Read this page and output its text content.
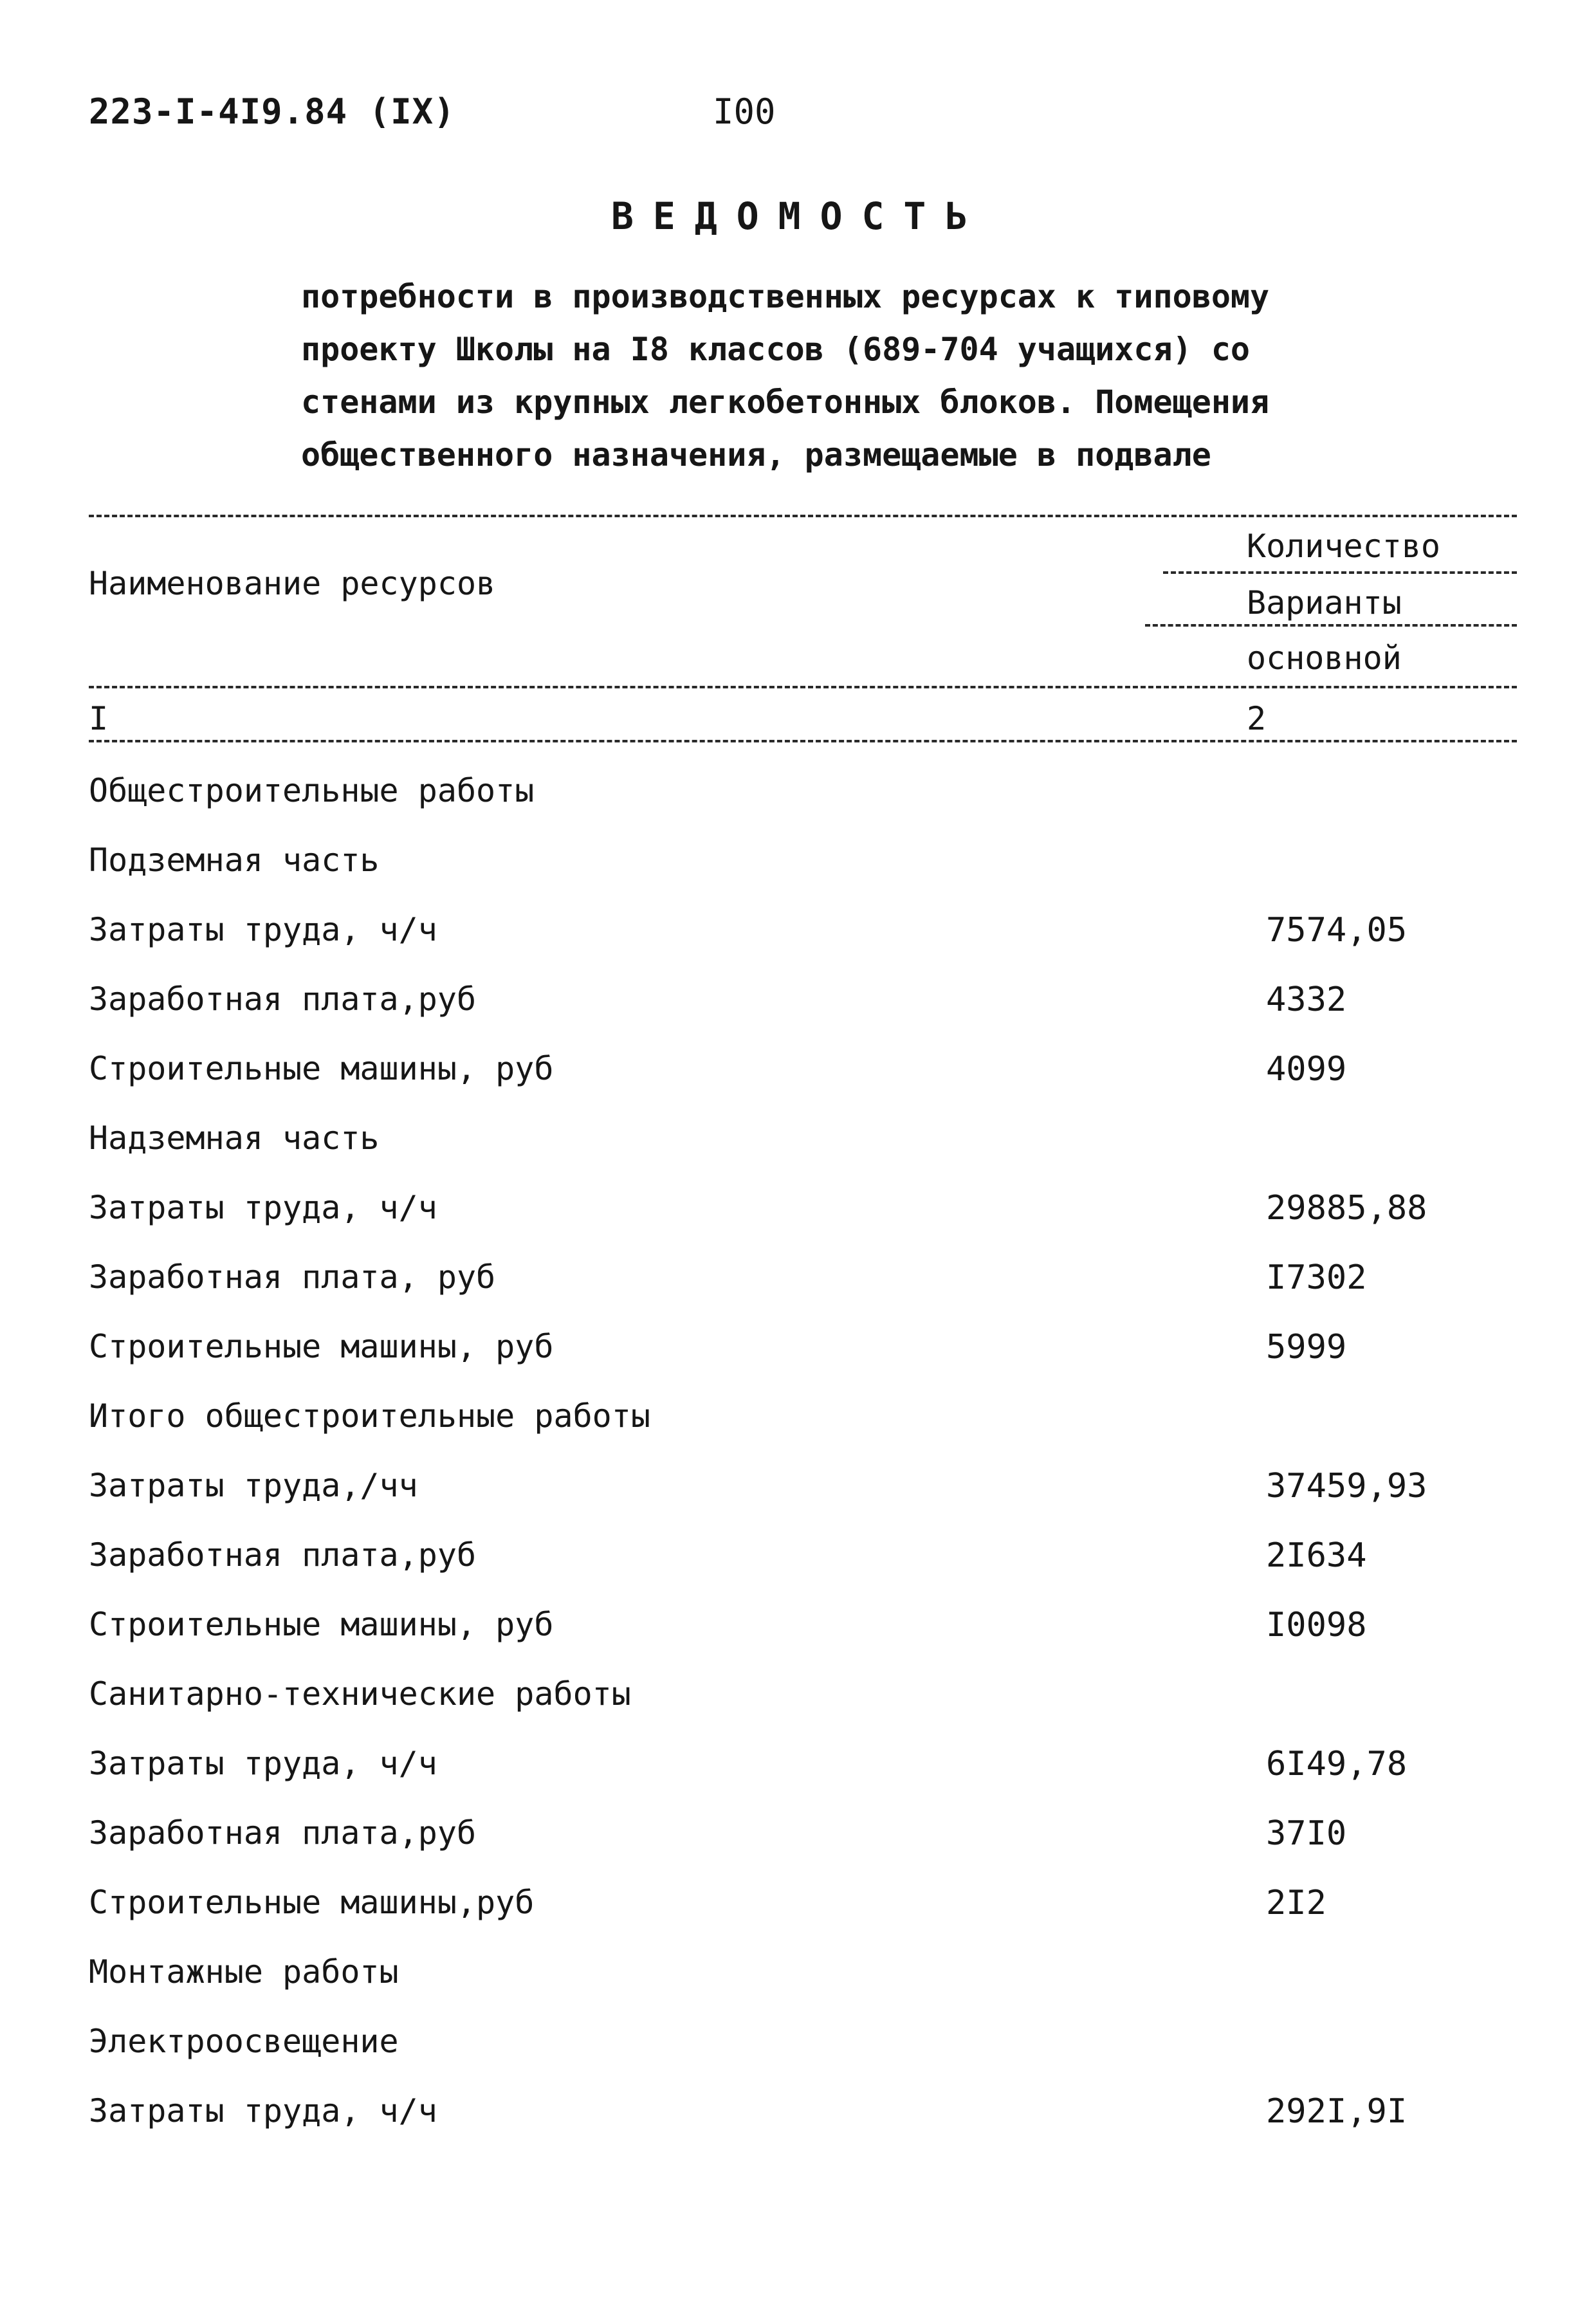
223-I-4I9.84 (IX)	I00
ВЕДОМОСТЬ
потребности в производственных ресурсах к типовому
проекту Школы на I8 классов (689-704 учащихся) со
стенами из крупных легкобетонных блоков. Помещения
общественного назначения, размещаемые в подвале
Наименование ресурсов
Количество
Варианты
основной
I	2
Общестроительные работы
Подземная часть
Затраты труда, ч/ч	7574,05
Заработная плата,руб	4332
Строительные машины, руб	4099
Надземная часть
Затраты труда, ч/ч	29885,88
Заработная плата, руб	I7302
Строительные машины, руб	5999
Итого общестроительные работы
Затраты труда,/чч	37459,93
Заработная плата,руб	2I634
Строительные машины, руб	I0098
Санитарно-технические работы
Затраты труда, ч/ч	6I49,78
Заработная плата,руб	37I0
Строительные машины,руб	2I2
Монтажные работы
Электроосвещение
Затраты труда, ч/ч	292I,9I
